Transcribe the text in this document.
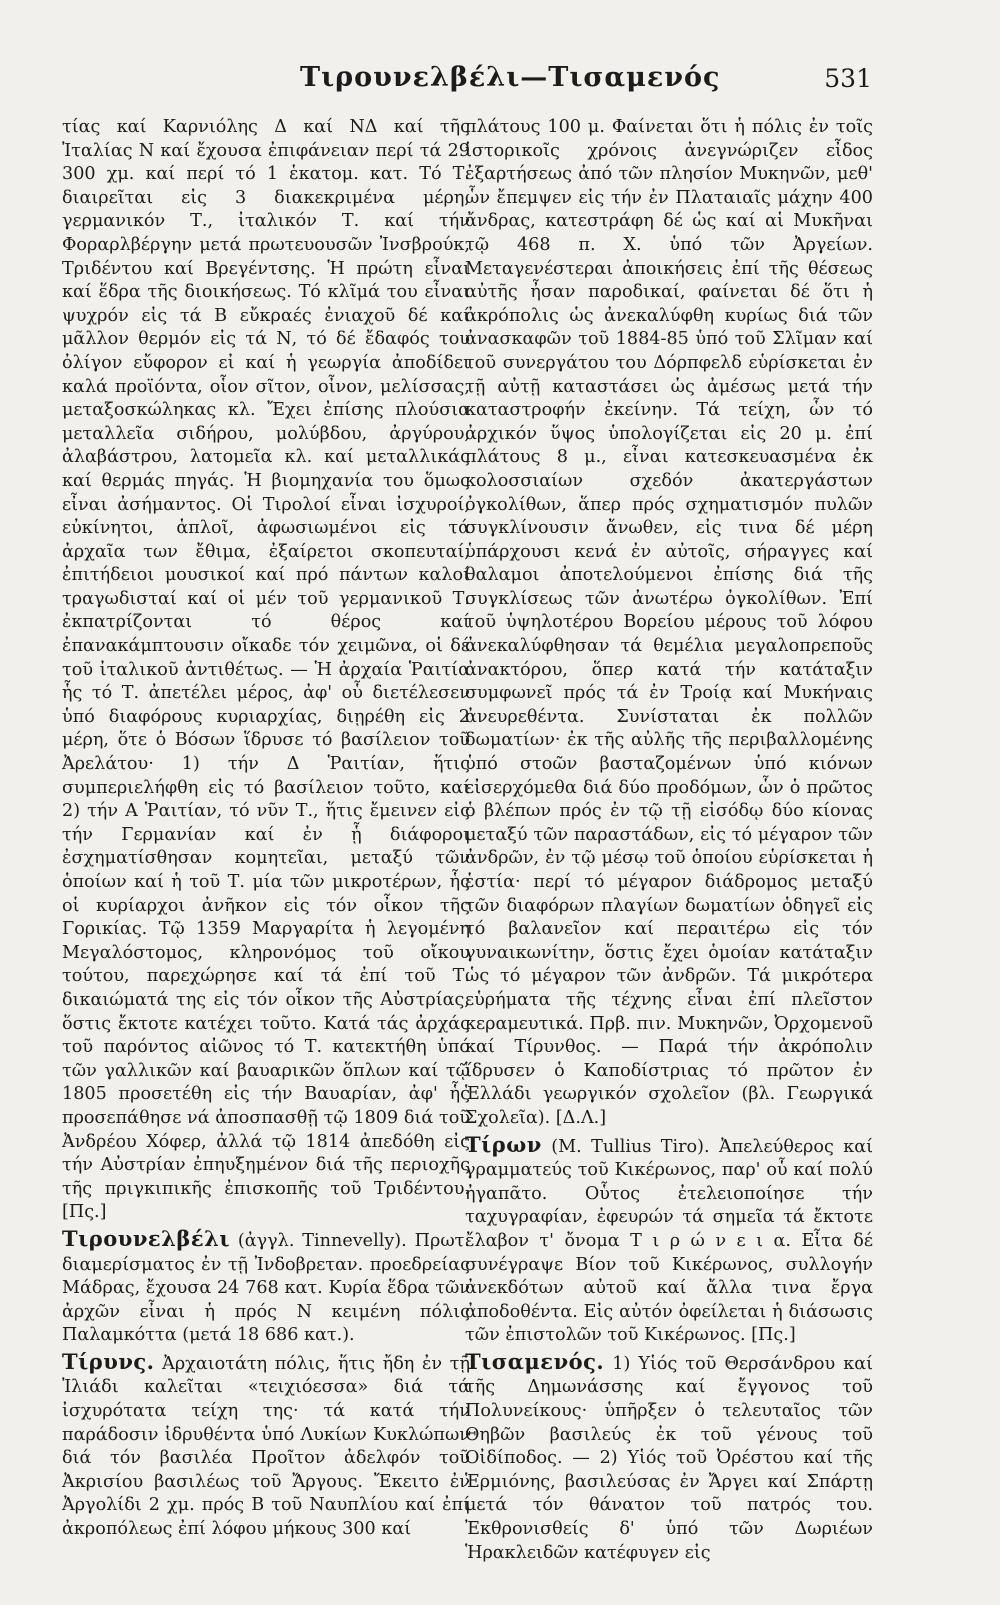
Τιρουνελβέλι—Τισαμενός	531

τίας καί Καρνιόλης Δ καί ΝΔ καί τῆς Ἰταλίας Ν καί ἔχουσα ἐπιφάνειαν περί τά 29 300 χμ. καί περί τό 1 ἑκατομ. κατ. Τό Τ. διαιρεῖται εἰς 3 διακεκριμένα μέρη, γερμανικόν Τ., ἰταλικόν Τ. καί τήν Φοραρλβέργην μετά πρωτευουσῶν Ἰνσβρούκ, Τριδέντου καί Βρεγέντσης. Ἡ πρώτη εἶναι καί ἕδρα τῆς διοικήσεως. Τό κλῖμά του εἶναι ψυχρόν εἰς τά Β εὔκραές ἐνιαχοῦ δέ καί μᾶλλον θερμόν εἰς τά Ν, τό δέ ἔδαφός του ὀλίγον εὔφορον εἰ καί ἡ γεωργία ἀποδίδει καλά προϊόντα, οἷον σῖτον, οἶνον, μελίσσας, μεταξοσκώληκας κλ. Ἔχει ἐπίσης πλούσια μεταλλεῖα σιδήρου, μολύβδου, ἀργύρου, ἀλαβάστρου, λατομεῖα κλ. καί μεταλλικάς καί θερμάς πηγάς. Ἡ βιομηχανία του ὅμως εἶναι ἀσήμαντος. Οἱ Τιρολοί εἶναι ἰσχυροί, εὐκίνητοι, ἁπλοῖ, ἀφωσιωμένοι εἰς τά ἀρχαῖα των ἔθιμα, ἐξαίρετοι σκοπευταί, ἐπιτήδειοι μουσικοί καί πρό πάντων καλοί τραγωδισταί καί οἱ μέν τοῦ γερμανικοῦ Τ. ἐκπατρίζονται τό θέρος καί ἐπανακάμπτουσιν οἴκαδε τόν χειμῶνα, οἱ δέ τοῦ ἰταλικοῦ ἀντιθέτως. — Ἡ ἀρχαία Ῥαιτία ἧς τό Τ. ἀπετέλει μέρος, ἀφ' οὗ διετέλεσεν ὑπό διαφόρους κυριαρχίας, διῃρέθη εἰς 2 μέρη, ὅτε ὁ Βόσων ἵδρυσε τό βασίλειον τοῦ Ἀρελάτου· 1) τήν Δ Ῥαιτίαν, ἥτις συμπεριελήφθη εἰς τό βασίλειον τοῦτο, καί 2) τήν Α Ῥαιτίαν, τό νῦν Τ., ἥτις ἔμεινεν εἰς τήν Γερμανίαν καί ἐν ᾗ διάφοροι ἐσχηματίσθησαν κομητεῖαι, μεταξύ τῶν ὁποίων καί ἡ τοῦ Τ. μία τῶν μικροτέρων, ἧς οἱ κυρίαρχοι ἀνῆκον εἰς τόν οἶκον τῆς Γορικίας. Τῷ 1359 Μαργαρίτα ἡ λεγομένη Μεγαλόστομος, κληρονόμος τοῦ οἴκου τούτου, παρεχώρησε καί τά ἐπί τοῦ Τ. δικαιώματά της εἰς τόν οἶκον τῆς Αὐστρίας, ὅστις ἔκτοτε κατέχει τοῦτο. Κατά τάς ἀρχάς τοῦ παρόντος αἰῶνος τό Τ. κατεκτήθη ὑπό τῶν γαλλικῶν καί βαυαρικῶν ὅπλων καί τῷ 1805 προσετέθη εἰς τήν Βαυαρίαν, ἀφ' ἧς προσεπάθησε νά ἀποσπασθῇ τῷ 1809 διά τοῦ Ἀνδρέου Χόφερ, ἀλλά τῷ 1814 ἀπεδόθη εἰς τήν Αὐστρίαν ἐπηυξημένον διά τῆς περιοχῆς τῆς πριγκιπικῆς ἐπισκοπῆς τοῦ Τριδέντου. [Πς.]

Τιρουνελβέλι (ἀγγλ. Tinnevelly). Πρωτ. διαμερίσματος ἐν τῇ Ἰνδοβρεταν. προεδρείας Μάδρας, ἔχουσα 24 768 κατ. Κυρία ἕδρα τῶν ἀρχῶν εἶναι ἡ πρός Ν κειμένη πόλις Παλαμκόττα (μετά 18 686 κατ.).

Τίρυνς. Ἀρχαιοτάτη πόλις, ἥτις ἤδη ἐν τῇ Ἰλιάδι καλεῖται «τειχιόεσσα» διά τά ἰσχυρότατα τείχη της· τά κατά τήν παράδοσιν ἱδρυθέντα ὑπό Λυκίων Κυκλώπων διά τόν βασιλέα Προῖτον ἀδελφόν τοῦ Ἀκρισίου βασιλέως τοῦ Ἄργους. Ἔκειτο ἐν Ἀργολίδι 2 χμ. πρός Β τοῦ Ναυπλίου καί ἐπί ἀκροπόλεως ἐπί λόφου μήκους 300 καί

πλάτους 100 μ. Φαίνεται ὅτι ἡ πόλις ἐν τοῖς ἱστορικοῖς χρόνοις ἀνεγνώριζεν εἶδος ἐξαρτήσεως ἀπό τῶν πλησίον Μυκηνῶν, μεθ' ὧν ἔπεμψεν εἰς τήν ἐν Πλαταιαῖς μάχην 400 ἄνδρας, κατεστράφη δέ ὡς καί αἱ Μυκῆναι τῷ 468 π. Χ. ὑπό τῶν Ἀργείων. Μεταγενέστεραι ἀποικήσεις ἐπί τῆς θέσεως αὐτῆς ἦσαν παροδικαί, φαίνεται δέ ὅτι ἡ ἀκρόπολις ὡς ἀνεκαλύφθη κυρίως διά τῶν ἀνασκαφῶν τοῦ 1884-85 ὑπό τοῦ Σλῖμαν καί τοῦ συνεργάτου του Δόρπφελδ εὑρίσκεται ἐν τῇ αὐτῇ καταστάσει ὡς ἀμέσως μετά τήν καταστροφήν ἐκείνην. Τά τείχη, ὧν τό ἀρχικόν ὕψος ὑπολογίζεται εἰς 20 μ. ἐπί πλάτους 8 μ., εἶναι κατεσκευασμένα ἐκ κολοσσιαίων σχεδόν ἀκατεργάστων ὀγκολίθων, ἅπερ πρός σχηματισμόν πυλῶν συγκλίνουσιν ἄνωθεν, εἰς τινα δέ μέρη ὑπάρχουσι κενά ἐν αὐτοῖς, σήραγγες καί θαλαμοι ἀποτελούμενοι ἐπίσης διά τῆς συγκλίσεως τῶν ἀνωτέρω ὀγκολίθων. Ἐπί τοῦ ὑψηλοτέρου Βορείου μέρους τοῦ λόφου ἀνεκαλύφθησαν τά θεμέλια μεγαλοπρεποῦς ἀνακτόρου, ὅπερ κατά τήν κατάταξιν συμφωνεῖ πρός τά ἐν Τροίᾳ καί Μυκήναις ἀνευρεθέντα. Συνίσταται ἐκ πολλῶν δωματίων· ἐκ τῆς αὐλῆς τῆς περιβαλλομένης ὑπό στοῶν βασταζομένων ὑπό κιόνων εἰσερχόμεθα διά δύο προδόμων, ὧν ὁ πρῶτος ὁ βλέπων πρός ἐν τῷ τῇ εἰσόδῳ δύο κίονας μεταξύ τῶν παραστάδων, εἰς τό μέγαρον τῶν ἀνδρῶν, ἐν τῷ μέσῳ τοῦ ὁποίου εὑρίσκεται ἡ ἑστία· περί τό μέγαρον διάδρομος μεταξύ τῶν διαφόρων πλαγίων δωματίων ὁδηγεῖ εἰς τό βαλανεῖον καί περαιτέρω εἰς τόν γυναικωνίτην, ὅστις ἔχει ὁμοίαν κατάταξιν ὡς τό μέγαρον τῶν ἀνδρῶν. Τά μικρότερα εὑρήματα τῆς τέχνης εἶναι ἐπί πλεῖστον κεραμευτικά. Πρβ. πιν. Μυκηνῶν, Ὀρχομενοῦ καί Τίρυνθος. — Παρά τήν ἀκρόπολιν ἵδρυσεν ὁ Καποδίστριας τό πρῶτον ἐν Ἑλλάδι γεωργικόν σχολεῖον (βλ. Γεωργικά Σχολεῖα). [Δ.Λ.]

Τίρων (M. Tullius Tiro). Ἀπελεύθερος καί γραμματεύς τοῦ Κικέρωνος, παρ' οὗ καί πολύ ἠγαπᾶτο. Οὗτος ἐτελειοποίησε τήν ταχυγραφίαν, ἐφευρών τά σημεῖα τά ἔκτοτε ἔλαβον τ' ὄνομα Τ ι ρ ώ ν ε ι α. Εἶτα δέ συνέγραψε Βίον τοῦ Κικέρωνος, συλλογήν ἀνεκδότων αὐτοῦ καί ἄλλα τινα ἔργα ἀποδοθέντα. Εἰς αὐτόν ὀφείλεται ἡ διάσωσις τῶν ἐπιστολῶν τοῦ Κικέρωνος. [Πς.]

Τισαμενός. 1) Υἱός τοῦ Θερσάνδρου καί τῆς Δημωνάσσης καί ἔγγονος τοῦ Πολυνείκους· ὑπῆρξεν ὁ τελευταῖος τῶν Θηβῶν βασιλεύς ἐκ τοῦ γένους τοῦ Οἰδίποδος. — 2) Υἱός τοῦ Ὀρέστου καί τῆς Ἑρμιόνης, βασιλεύσας ἐν Ἄργει καί Σπάρτῃ μετά τόν θάνατον τοῦ πατρός του. Ἐκθρονισθείς δ' ὑπό τῶν Δωριέων Ἡρακλειδῶν κατέφυγεν εἰς
